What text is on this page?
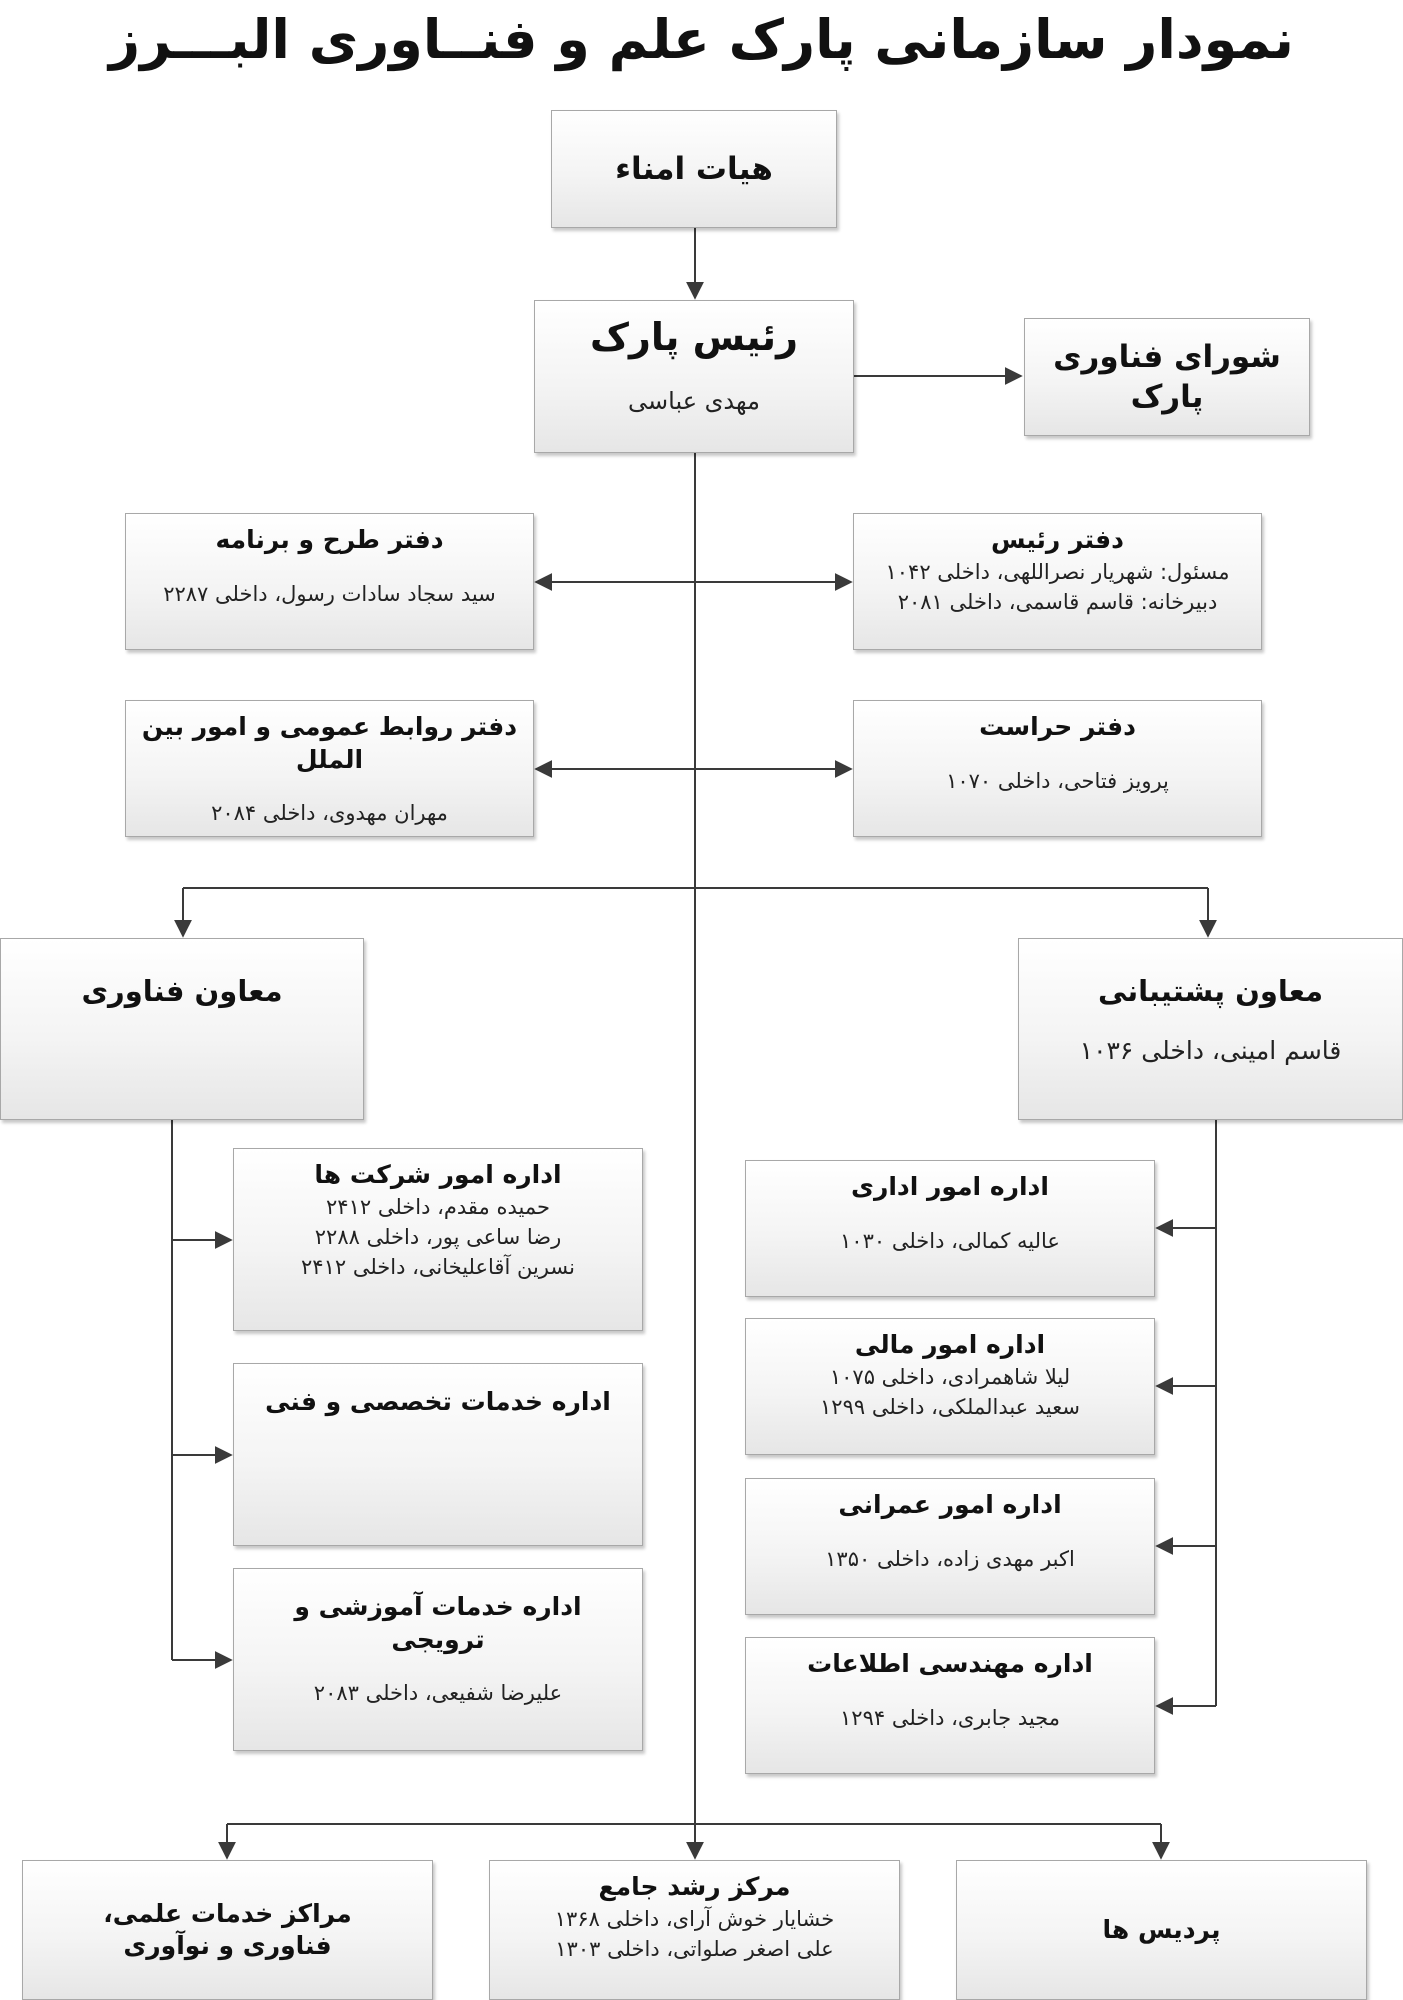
نمودار سازمانی پارک علم و فنــاوری البـــرز
هیات امناء
رئیس پارک
مهدی عباسی
شورای فناوری پارک
دفتر طرح و برنامه
سید سجاد سادات رسول، داخلی ۲۲۸۷
دفتر رئیس
مسئول: شهریار نصراللهی، داخلی ۱۰۴۲
دبیرخانه: قاسم قاسمی، داخلی ۲۰۸۱
دفتر روابط عمومی و امور بین الملل
مهران مهدوی، داخلی ۲۰۸۴
دفتر حراست
پرویز فتاحی، داخلی ۱۰۷۰
معاون فناوری	معاون پشتیبانی
قاسم امینی، داخلی ۱۰۳۶
اداره امور شرکت ها
حمیده مقدم، داخلی ۲۴۱۲
رضا ساعی پور، داخلی ۲۲۸۸
نسرین آقاعلیخانی، داخلی ۲۴۱۲
اداره خدمات تخصصی و فنی
اداره خدمات آموزشی و ترویجی
علیرضا شفیعی، داخلی ۲۰۸۳
اداره امور اداری
عالیه کمالی، داخلی ۱۰۳۰
اداره امور مالی
لیلا شاهمرادی، داخلی ۱۰۷۵
سعید عبدالملکی، داخلی ۱۲۹۹
اداره امور عمرانی
اکبر مهدی زاده، داخلی ۱۳۵۰
اداره مهندسی اطلاعات
مجید جابری، داخلی ۱۲۹۴
مراکز خدمات علمی، فناوری و نوآوری
مرکز رشد جامع
خشایار خوش آرای، داخلی ۱۳۶۸
علی اصغر صلواتی، داخلی ۱۳۰۳
پردیس ها
